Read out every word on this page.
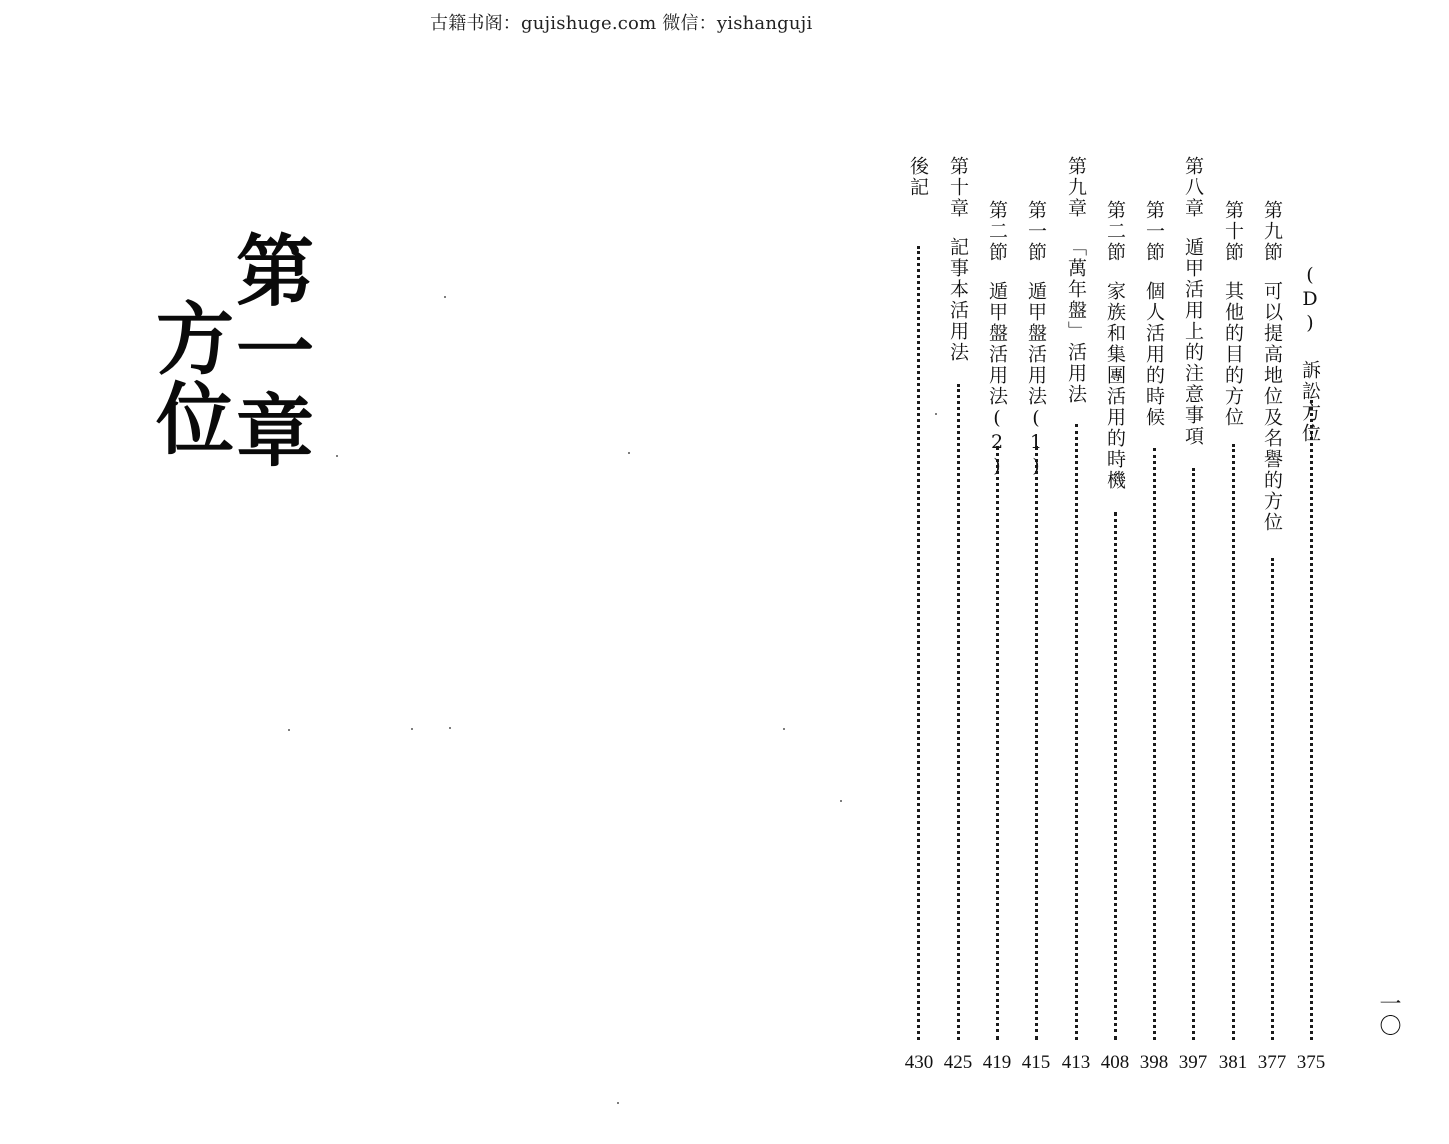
古籍书阁：gujishuge.com 微信：yishanguji
第一章
方位	(D) 訴訟方位
375
第九節可以提高地位及名譽的方位
377
第十節其他的目的方位
381
第八章遁甲活用上的注意事項
397
第一節個人活用的時候
398
第二節家族和集團活用的時機
408
第九章「萬年盤」活用法
413
第一節遁甲盤活用法(1)
415
第二節遁甲盤活用法(2)
419
第十章記事本活用法
425
後記
430
一〇
